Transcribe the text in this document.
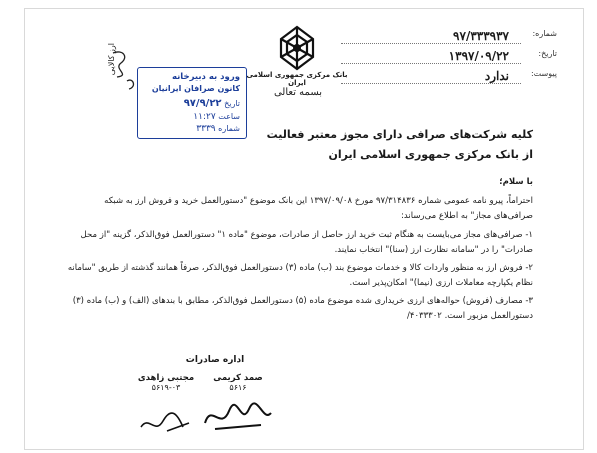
شماره:
۹۷/۳۳۳۹۳۷
تاریخ:
۱۳۹۷/۰۹/۲۲
پیوست:
ندارد
بانک مرکزی جمهوری اسلامی ایران
بسمه تعالی
ارز کالایی
ورود به دبیرخانه
کانون صرافان ایرانیان
تاریخ ۹۷/۹/۲۲
ساعت ۱۱:۲۷
شماره ۳۳۳۹	کلیه شرکت‌های صرافی دارای مجوز معتبر فعالیت
از بانک مرکزی جمهوری اسلامی ایران

با سلام؛

احتراماً، پیرو نامه عمومی شماره ۹۷/۳۱۴۸۳۶ مورخ ۱۳۹۷/۰۹/۰۸ این بانک موضوع "دستورالعمل خرید و فروش ارز به شبکه صرافی‌های مجاز" به اطلاع می‌رساند:

۱- صرافی‌های مجاز می‌بایست به هنگام ثبت خرید ارز حاصل از صادرات، موضوع "ماده ۱" دستورالعمل فوق‌الذکر، گزینه "از محل صادرات" را در "سامانه نظارت ارز (سنا)" انتخاب نمایند.

۲- فروش ارز به منظور واردات کالا و خدمات موضوع بند (ب) ماده (۳) دستورالعمل فوق‌الذکر، صرفاً همانند گذشته از طریق "سامانه نظام یکپارچه معاملات ارزی (نیما)" امکان‌پذیر است.

۳- مصارف (فروش) حواله‌های ارزی خریداری شده موضوع ماده (۵) دستورالعمل فوق‌الذکر، مطابق با بندهای (الف) و (ب) ماده (۳) دستورالعمل مزبور است. ۴۰۳۳۳۰۲/

اداره صادرات
مجتبی زاهدی
۵۶۱۹-۰۳
صمد کریمی
۵۶۱۶
